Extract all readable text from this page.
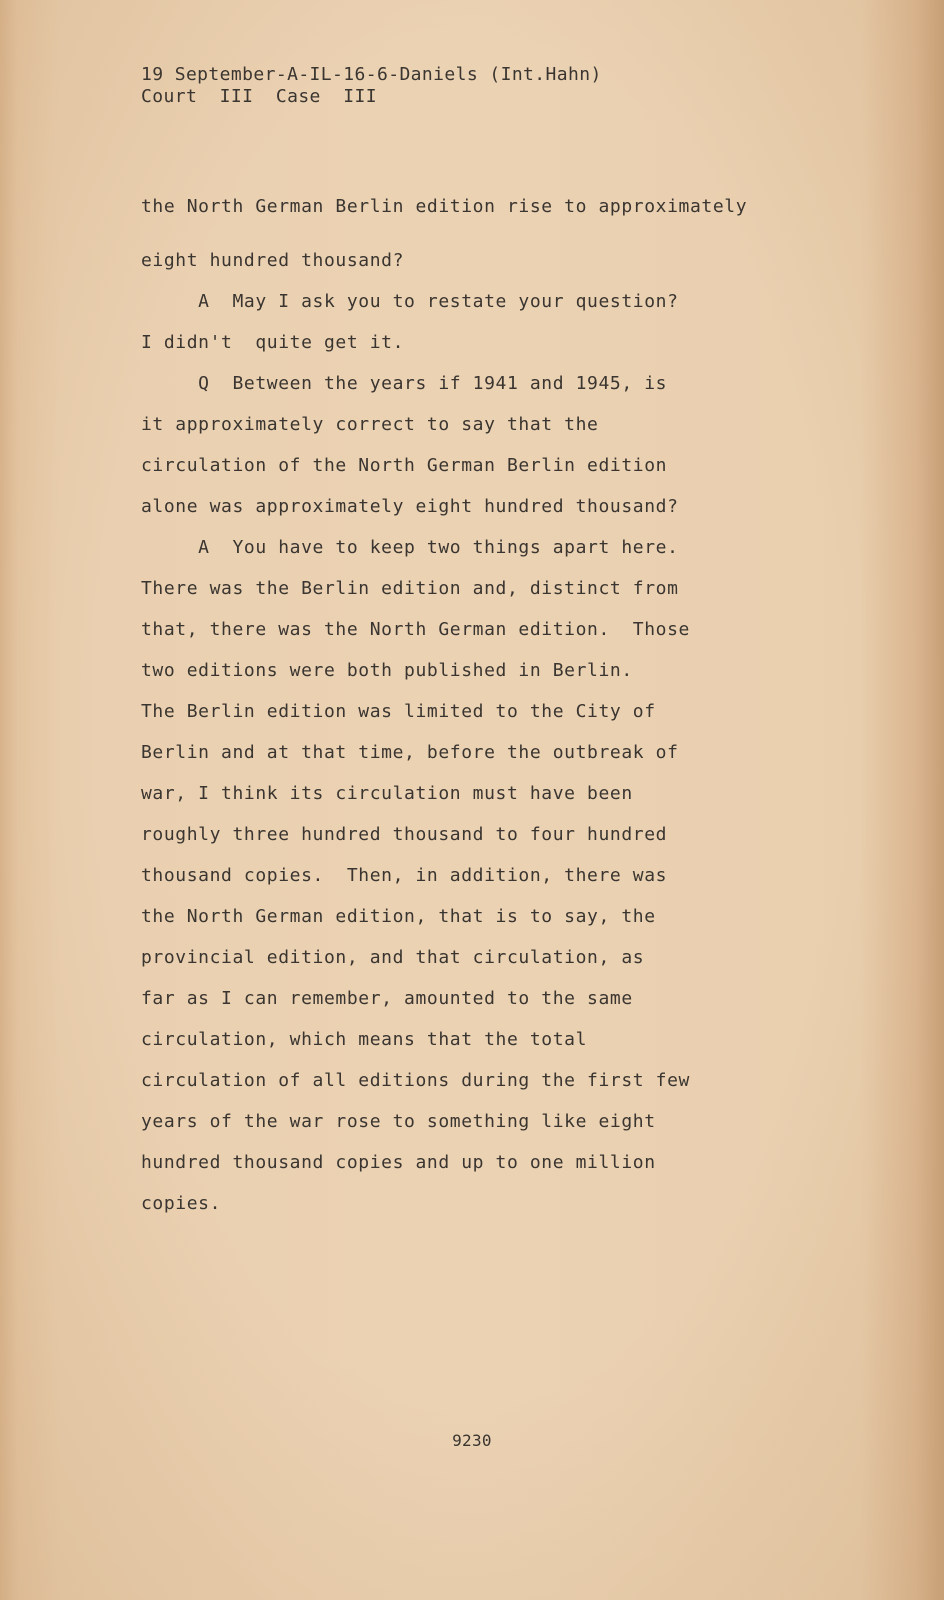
19 September-A-IL-16-6-Daniels (Int.Hahn)
Court  III  Case  III
the North German Berlin edition rise to approximately
eight hundred thousand?
A  May I ask you to restate your question?
I didn't  quite get it.
Q  Between the years if 1941 and 1945, is
it approximately correct to say that the
circulation of the North German Berlin edition
alone was approximately eight hundred thousand?
A  You have to keep two things apart here.
There was the Berlin edition and, distinct from
that, there was the North German edition.  Those
two editions were both published in Berlin.
The Berlin edition was limited to the City of
Berlin and at that time, before the outbreak of
war, I think its circulation must have been
roughly three hundred thousand to four hundred
thousand copies.  Then, in addition, there was
the North German edition, that is to say, the
provincial edition, and that circulation, as
far as I can remember, amounted to the same
circulation, which means that the total
circulation of all editions during the first few
years of the war rose to something like eight
hundred thousand copies and up to one million
copies.
9230
